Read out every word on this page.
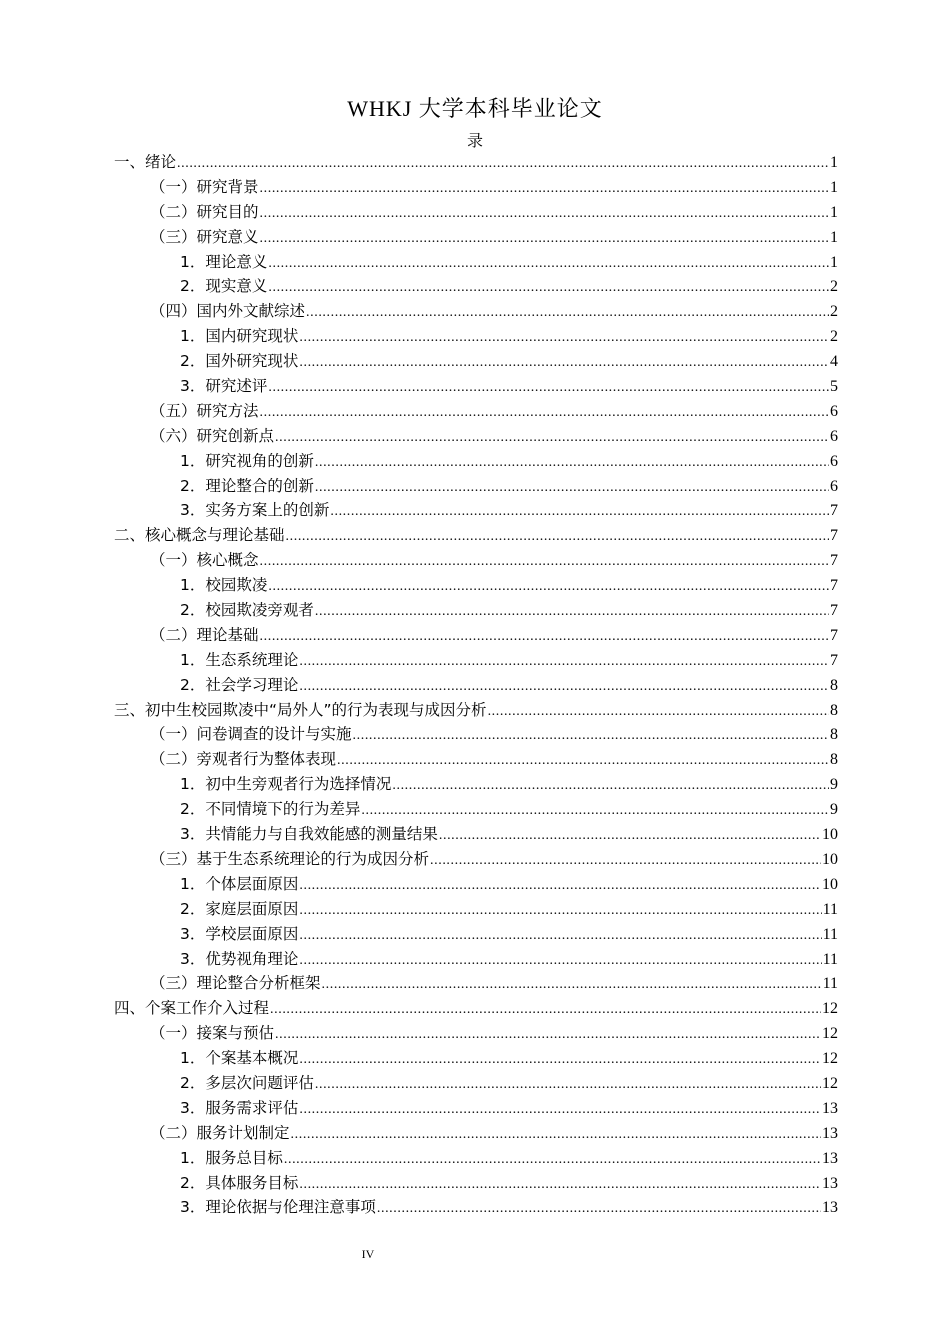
WHKJ 大学本科毕业论文
录
一、绪论 .....	1
（一）研究背景 .....	1
（二）研究目的 .....	1
（三）研究意义 .....	1
1．理论意义 .....	1
2．现实意义 .....	2
（四）国内外文献综述 .....	2
1．国内研究现状 .....	2
2．国外研究现状 .....	4
3．研究述评 .....	5
（五）研究方法 .....	6
（六）研究创新点 .....	6
1．研究视角的创新 .....	6
2．理论整合的创新 .....	6
3．实务方案上的创新 .....	7
二、核心概念与理论基础 .....	7
（一）核心概念 .....	7
1．校园欺凌 .....	7
2．校园欺凌旁观者 .....	7
（二）理论基础 .....	7
1．生态系统理论 .....	7
2．社会学习理论 .....	8
三、初中生校园欺凌中“局外人”的行为表现与成因分析 .....	8
（一）问卷调查的设计与实施 .....	8
（二）旁观者行为整体表现 .....	8
1．初中生旁观者行为选择情况 .....	9
2．不同情境下的行为差异 .....	9
3．共情能力与自我效能感的测量结果 .....	10
（三）基于生态系统理论的行为成因分析 .....	10
1．个体层面原因 .....	10
2．家庭层面原因 .....	11
3．学校层面原因 .....	11
3．优势视角理论 .....	11
（三）理论整合分析框架 .....	11
四、个案工作介入过程 .....	12
（一）接案与预估 .....	12
1．个案基本概况 .....	12
2．多层次问题评估 .....	12
3．服务需求评估 .....	13
（二）服务计划制定 .....	13
1．服务总目标 .....	13
2．具体服务目标 .....	13
3．理论依据与伦理注意事项 .....	13
IV
